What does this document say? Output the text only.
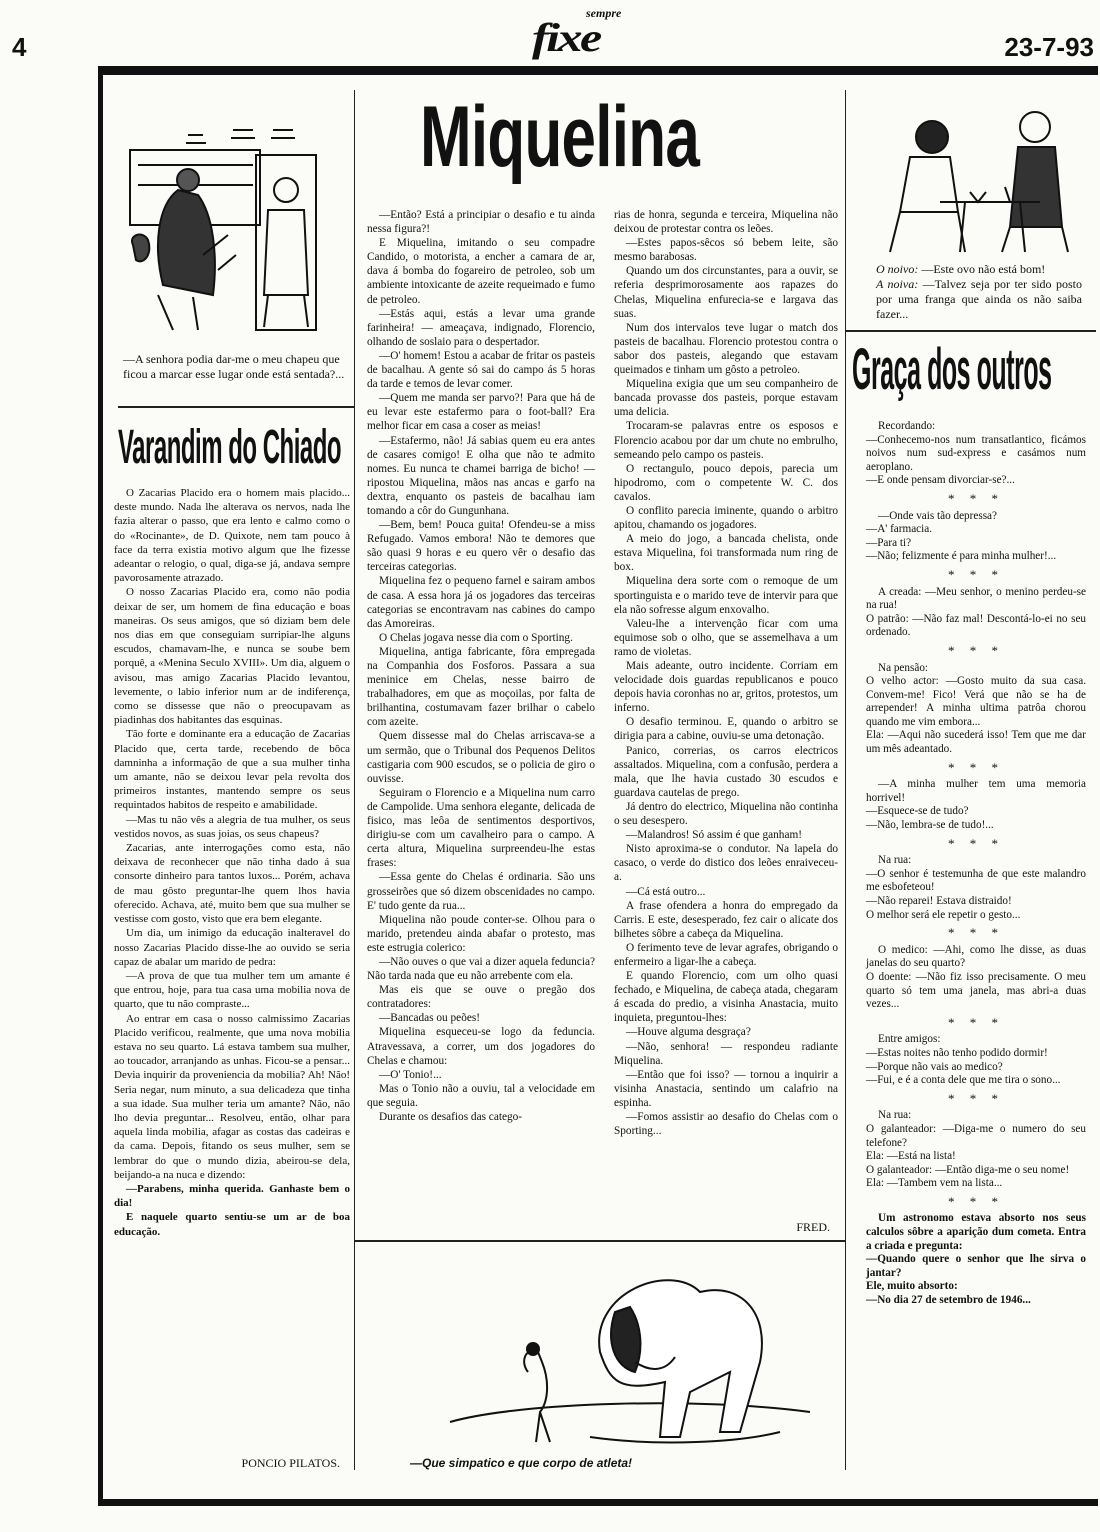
4
sempre
fixe	23-7-93
—A senhora podia dar-me o meu chapeu que ficou a marcar esse lugar onde está sentada?...
Varandim do Chiado

O Zacarias Placido era o homem mais placido... deste mundo. Nada lhe alterava os nervos, nada lhe fazia alterar o passo, que era lento e calmo como o do «Rocinante», de D. Quixote, nem tam pouco à face da terra existia motivo algum que lhe fizesse adeantar o relogio, o qual, diga-se já, andava sempre pavorosamente atrazado.

O nosso Zacarias Placido era, como não podia deixar de ser, um homem de fina educação e boas maneiras. Os seus amigos, que só diziam bem dele nos dias em que conseguiam surripiar-lhe alguns escudos, chamavam-lhe, e nunca se soube bem porquê, a «Menina Seculo XVIII». Um dia, alguem o avisou, mas amigo Zacarias Placido levantou, levemente, o labio inferior num ar de indiferença, como se dissesse que não o preocupavam as piadinhas dos habitantes das esquinas.

Tão forte e dominante era a educação de Zacarias Placido que, certa tarde, recebendo de bôca damninha a informação de que a sua mulher tinha um amante, não se deixou levar pela revolta dos primeiros instantes, mantendo sempre os seus requintados habitos de respeito e amabilidade.

—Mas tu não vês a alegria de tua mulher, os seus vestidos novos, as suas joias, os seus chapeus?

Zacarias, ante interrogações como esta, não deixava de reconhecer que não tinha dado á sua consorte dinheiro para tantos luxos... Porém, achava de mau gôsto preguntar-lhe quem lhos havia oferecido. Achava, até, muito bem que sua mulher se vestisse com gosto, visto que era bem elegante.

Um dia, um inimigo da educação inalteravel do nosso Zacarias Placido disse-lhe ao ouvido se seria capaz de abalar um marido de pedra:

—A prova de que tua mulher tem um amante é que entrou, hoje, para tua casa uma mobilia nova de quarto, que tu não compraste...

Ao entrar em casa o nosso calmissimo Zacarias Placido verificou, realmente, que uma nova mobilia estava no seu quarto. Lá estava tambem sua mulher, ao toucador, arranjando as unhas. Ficou-se a pensar... Devia inquirir da proveniencia da mobilia? Ah! Não! Seria negar, num minuto, a sua delicadeza que tinha a sua idade. Sua mulher teria um amante? Não, não lho devia preguntar... Resolveu, então, olhar para aquela linda mobilia, afagar as costas das cadeiras e da cama. Depois, fitando os seus mulher, sem se lembrar do que o mundo dizia, abeirou-se dela, beijando-a na nuca e dizendo:

—Parabens, minha querida. Ganhaste bem o dia!

E naquele quarto sentiu-se um ar de boa educação.

PONCIO PILATOS.
Miquelina

—Então? Está a principiar o desafio e tu ainda nessa figura?!

E Miquelina, imitando o seu compadre Candido, o motorista, a encher a camara de ar, dava á bomba do fogareiro de petroleo, sob um ambiente intoxicante de azeite requeimado e fumo de petroleo.

—Estás aqui, estás a levar uma grande farinheira! — ameaçava, indignado, Florencio, olhando de soslaio para o despertador.

—O' homem! Estou a acabar de fritar os pasteis de bacalhau. A gente só sai do campo ás 5 horas da tarde e temos de levar comer.

—Quem me manda ser parvo?! Para que há de eu levar este estafermo para o foot-ball? Era melhor ficar em casa a coser as meias!

—Estafermo, não! Já sabias quem eu era antes de casares comigo! E olha que não te admito nomes. Eu nunca te chamei barriga de bicho! — ripostou Miquelina, mãos nas ancas e garfo na dextra, enquanto os pasteis de bacalhau iam tomando a côr do Gungunhana.

—Bem, bem! Pouca guita! Ofendeu-se a miss Refugado. Vamos embora! Não te demores que são quasi 9 horas e eu quero vêr o desafio das terceiras categorias.

Miquelina fez o pequeno farnel e sairam ambos de casa. A essa hora já os jogadores das terceiras categorias se encontravam nas cabines do campo das Amoreiras.

O Chelas jogava nesse dia com o Sporting.

Miquelina, antiga fabricante, fôra empregada na Companhia dos Fosforos. Passara a sua meninice em Chelas, nesse bairro de trabalhadores, em que as moçoilas, por falta de brilhantina, costumavam fazer brilhar o cabelo com azeite.

Quem dissesse mal do Chelas arriscava-se a um sermão, que o Tribunal dos Pequenos Delitos castigaria com 900 escudos, se o policia de giro o ouvisse.

Seguiram o Florencio e a Miquelina num carro de Campolide. Uma senhora elegante, delicada de fisico, mas leôa de sentimentos desportivos, dirigiu-se com um cavalheiro para o campo. A certa altura, Miquelina surpreendeu-lhe estas frases:

—Essa gente do Chelas é ordinaria. São uns grosseirões que só dizem obscenidades no campo. E' tudo gente da rua...

Miquelina não poude conter-se. Olhou para o marido, pretendeu ainda abafar o protesto, mas este estrugia colerico:

—Não ouves o que vai a dizer aquela feduncia? Não tarda nada que eu não arrebente com ela.

Mas eis que se ouve o pregão dos contratadores:

—Bancadas ou peões!

Miquelina esqueceu-se logo da feduncia. Atravessava, a correr, um dos jogadores do Chelas e chamou:

—O' Tonio!...

Mas o Tonio não a ouviu, tal a velocidade em que seguia.

Durante os desafios das catego-

rias de honra, segunda e terceira, Miquelina não deixou de protestar contra os leões.

—Estes papos-sêcos só bebem leite, são mesmo barabosas.

Quando um dos circunstantes, para a ouvir, se referia desprimorosamente aos rapazes do Chelas, Miquelina enfurecia-se e largava das suas.

Num dos intervalos teve lugar o match dos pasteis de bacalhau. Florencio protestou contra o sabor dos pasteis, alegando que estavam queimados e tinham um gôsto a petroleo.

Miquelina exigia que um seu companheiro de bancada provasse dos pasteis, porque estavam uma delicia.

Trocaram-se palavras entre os esposos e Florencio acabou por dar um chute no embrulho, semeando pelo campo os pasteis.

O rectangulo, pouco depois, parecia um hipodromo, com o competente W. C. dos cavalos.

O conflito parecia iminente, quando o arbitro apitou, chamando os jogadores.

A meio do jogo, a bancada chelista, onde estava Miquelina, foi transformada num ring de box.

Miquelina dera sorte com o remoque de um sportinguista e o marido teve de intervir para que ela não sofresse algum enxovalho.

Valeu-lhe a intervenção ficar com uma equimose sob o olho, que se assemelhava a um ramo de violetas.

Mais adeante, outro incidente. Corriam em velocidade dois guardas republicanos e pouco depois havia coronhas no ar, gritos, protestos, um inferno.

O desafio terminou. E, quando o arbitro se dirigia para a cabine, ouviu-se uma detonação.

Panico, correrias, os carros electricos assaltados. Miquelina, com a confusão, perdera a mala, que lhe havia custado 30 escudos e guardava cautelas de prego.

Já dentro do electrico, Miquelina não continha o seu desespero.

—Malandros! Só assim é que ganham!

Nisto aproxima-se o condutor. Na lapela do casaco, o verde do distico dos leões enraiveceu-a.

—Cá está outro...

A frase ofendera a honra do empregado da Carris. E este, desesperado, fez cair o alicate dos bilhetes sôbre a cabeça da Miquelina.

O ferimento teve de levar agrafes, obrigando o enfermeiro a ligar-lhe a cabeça.

E quando Florencio, com um olho quasi fechado, e Miquelina, de cabeça atada, chegaram á escada do predio, a visinha Anastacia, muito inquieta, preguntou-lhes:

—Houve alguma desgraça?

—Não, senhora! — respondeu radiante Miquelina.

—Então que foi isso? — tornou a inquirir a visinha Anastacia, sentindo um calafrio na espinha.

—Fomos assistir ao desafio do Chelas com o Sporting...

FRED.
—Que simpatico e que corpo de atleta!
O noivo: —Este ovo não está bom!
A noiva: —Talvez seja por ter sido posto por uma franga que ainda os não saiba fazer...
Graça dos outros

Recordando:
—Conhecemo-nos num transatlantico, ficámos noivos num sud-express e casámos num aeroplano.
—E onde pensam divorciar-se?...

* * *

—Onde vais tão depressa?
—A' farmacia.
—Para ti?
—Não; felizmente é para minha mulher!...

* * *

A creada: —Meu senhor, o menino perdeu-se na rua!
O patrão: —Não faz mal! Descontá-lo-ei no seu ordenado.

* * *

Na pensão:
O velho actor: —Gosto muito da sua casa. Convem-me! Fico! Verá que não se ha de arrepender! A minha ultima patrôa chorou quando me vim embora...
Ela: —Aqui não sucederá isso! Tem que me dar um mês adeantado.

* * *

—A minha mulher tem uma memoria horrivel!
—Esquece-se de tudo?
—Não, lembra-se de tudo!...

* * *

Na rua:
—O senhor é testemunha de que este malandro me esbofeteou!
—Não reparei! Estava distraido!
O melhor será ele repetir o gesto...

* * *

O medico: —Ahi, como lhe disse, as duas janelas do seu quarto?
O doente: —Não fiz isso precisamente. O meu quarto só tem uma janela, mas abri-a duas vezes...

* * *

Entre amigos:
—Estas noites não tenho podido dormir!
—Porque não vais ao medico?
—Fui, e é a conta dele que me tira o sono...

* * *

Na rua:
O galanteador: —Diga-me o numero do seu telefone?
Ela: —Está na lista!
O galanteador: —Então diga-me o seu nome!
Ela: —Tambem vem na lista...

* * *

Um astronomo estava absorto nos seus calculos sôbre a aparição dum cometa. Entra a criada e pregunta:
—Quando quere o senhor que lhe sirva o jantar?
Ele, muito absorto:
—No dia 27 de setembro de 1946...
